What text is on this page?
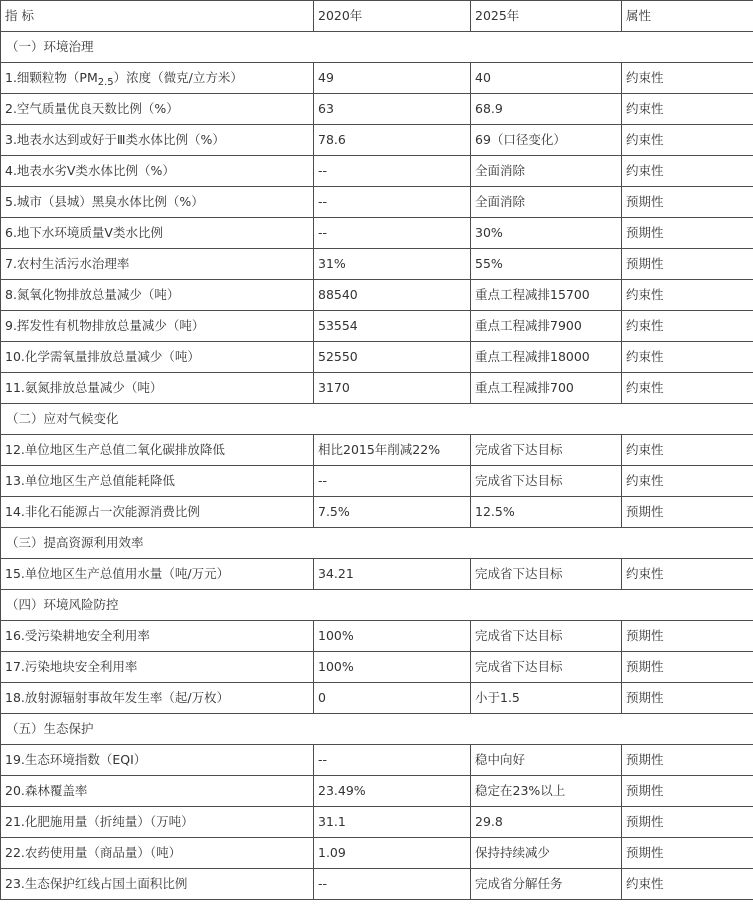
指 标	2020年	2025年	属性
（一）环境治理			
1.细颗粒物$(PM_{2.5})$浓度（微克/立方米）	49	40	约束性
2.空气质量优良天数比例（%）	63	68.9	约束性
3.地表水达到或好于Ⅲ类水体比例（%）	78.6	69（口径变化）	约束性
4.地表水劣V类水体比例（%）	--	全面消除	约束性
5.城市（县城）黑臭水体比例（%）	--	全面消除	预期性
6.地下水环境质量V类水比例	--	30%	预期性
7.农村生活污水治理率	31%	55%	预期性
8.氮氧化物排放总量减少（吨）	88540	重点工程减排15700	约束性
9.挥发性有机物排放总量减少（吨）	53554	重点工程减排7900	约束性
10.化学需氧量排放总量减少（吨）	52550	重点工程减排18000	约束性
11.氨氮排放总量减少（吨）	3170	重点工程减排700	约束性
（二）应对气候变化			
12.单位地区生产总值二氧化碳排放降低	相比2015年削减22%	完成省下达目标	约束性
13.单位地区生产总值能耗降低	--	完成省下达目标	约束性
14.非化石能源占一次能源消费比例	7.5%	12.5%	预期性
（三）提高资源利用效率			
15.单位地区生产总值用水量（吨/万元）	34.21	完成省下达目标	约束性
（四）环境风险防控			
16.受污染耕地安全利用率	100%	完成省下达目标	预期性
17.污染地块安全利用率	100%	完成省下达目标	预期性
18.放射源辐射事故年发生率（起/万枚）	0	小于1.5	预期性
（五）生态保护			
19.生态环境指数（EQI）	--	稳中向好	预期性
20.森林覆盖率	23.49%	稳定在23%以上	预期性
21.化肥施用量（折纯量）（万吨）	31.1	29.8	预期性
22.农药使用量（商品量）（吨）	1.09	保持持续减少	预期性
23.生态保护红线占国土面积比例	--	完成省分解任务	约束性
